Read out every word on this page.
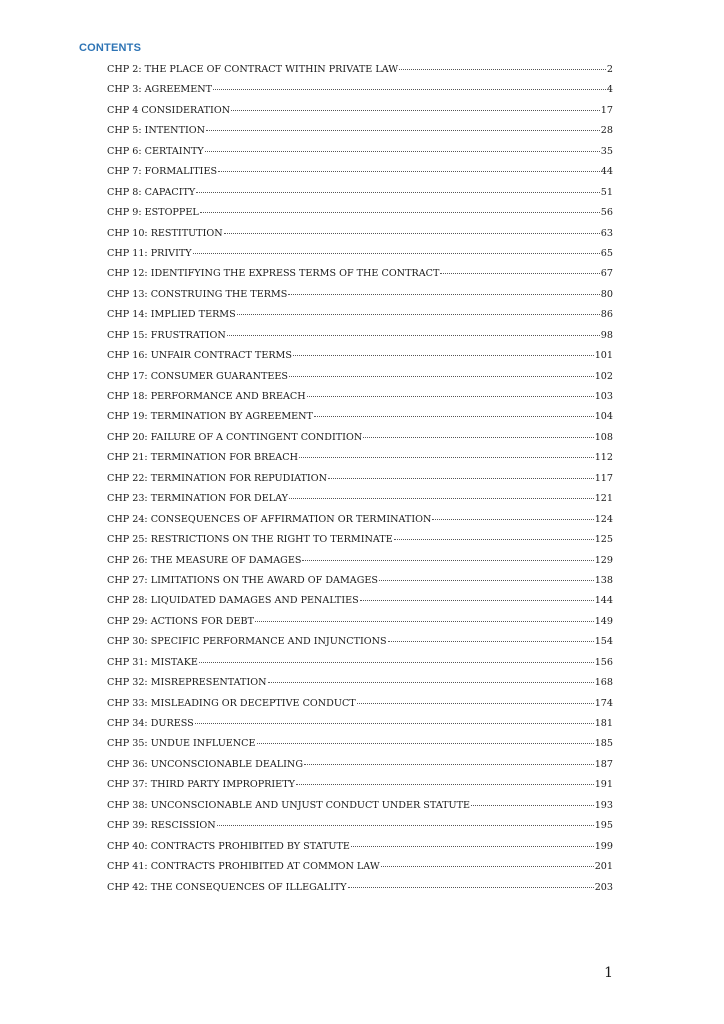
CONTENTS
CHP 2: THE PLACE OF CONTRACT WITHIN PRIVATE LAW	2
CHP 3: AGREEMENT	4
CHP 4 CONSIDERATION	17
CHP 5: INTENTION	28
CHP 6: CERTAINTY	35
CHP 7: FORMALITIES	44
CHP 8: CAPACITY	51
CHP 9: ESTOPPEL	56
CHP 10: RESTITUTION	63
CHP 11: PRIVITY	65
CHP 12: IDENTIFYING THE EXPRESS TERMS OF THE CONTRACT	67
CHP 13: CONSTRUING THE TERMS	80
CHP 14: IMPLIED TERMS	86
CHP 15: FRUSTRATION	98
CHP 16: UNFAIR CONTRACT TERMS	101
CHP 17: CONSUMER GUARANTEES	102
CHP 18: PERFORMANCE AND BREACH	103
CHP 19: TERMINATION BY AGREEMENT	104
CHP 20: FAILURE OF A CONTINGENT CONDITION	108
CHP 21: TERMINATION FOR BREACH	112
CHP 22: TERMINATION FOR REPUDIATION	117
CHP 23: TERMINATION FOR DELAY	121
CHP 24: CONSEQUENCES OF AFFIRMATION OR TERMINATION	124
CHP 25: RESTRICTIONS ON THE RIGHT TO TERMINATE	125
CHP 26: THE MEASURE OF DAMAGES	129
CHP 27: LIMITATIONS ON THE AWARD OF DAMAGES	138
CHP 28: LIQUIDATED DAMAGES AND PENALTIES	144
CHP 29: ACTIONS FOR DEBT	149
CHP 30: SPECIFIC PERFORMANCE AND INJUNCTIONS	154
CHP 31: MISTAKE	156
CHP 32: MISREPRESENTATION	168
CHP 33: MISLEADING OR DECEPTIVE CONDUCT	174
CHP 34: DURESS	181
CHP 35: UNDUE INFLUENCE	185
CHP 36: UNCONSCIONABLE DEALING	187
CHP 37: THIRD PARTY IMPROPRIETY	191
CHP 38: UNCONSCIONABLE AND UNJUST CONDUCT UNDER STATUTE	193
CHP 39: RESCISSION	195
CHP 40: CONTRACTS PROHIBITED BY STATUTE	199
CHP 41: CONTRACTS PROHIBITED AT COMMON LAW	201
CHP 42: THE CONSEQUENCES OF ILLEGALITY	203
1
